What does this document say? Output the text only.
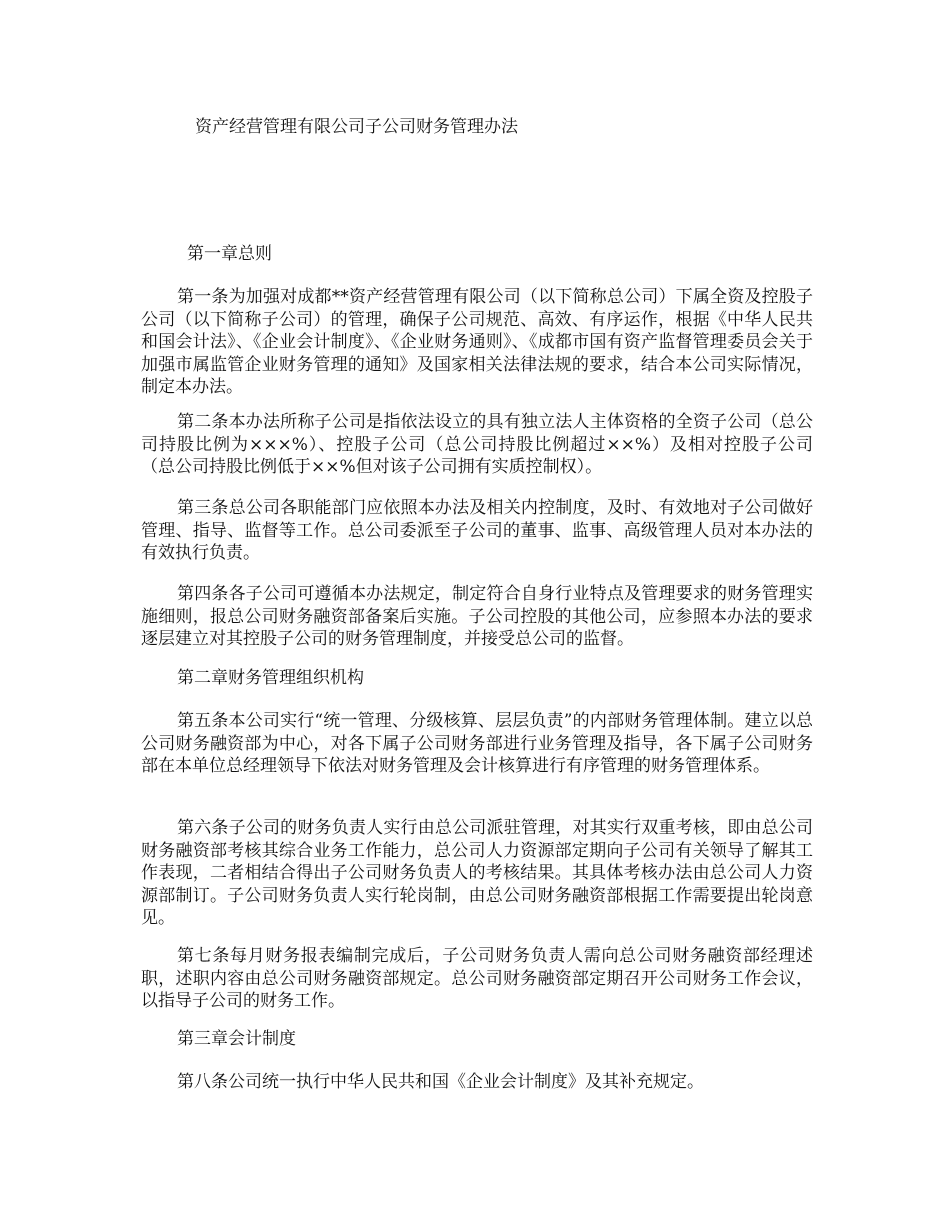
资产经营管理有限公司子公司财务管理办法
第一章总则
第一条为加强对成都**资产经营管理有限公司（以下简称总公司）下属全资及控股子公司（以下简称子公司）的管理，确保子公司规范、高效、有序运作，根据《中华人民共和国会计法》、《企业会计制度》、《企业财务通则》、《成都市国有资产监督管理委员会关于加强市属监管企业财务管理的通知》及国家相关法律法规的要求，结合本公司实际情况，制定本办法。
第二条本办法所称子公司是指依法设立的具有独立法人主体资格的全资子公司（总公司持股比例为×××%）、控股子公司（总公司持股比例超过××%）及相对控股子公司（总公司持股比例低于××%但对该子公司拥有实质控制权）。
第三条总公司各职能部门应依照本办法及相关内控制度，及时、有效地对子公司做好管理、指导、监督等工作。总公司委派至子公司的董事、监事、高级管理人员对本办法的有效执行负责。
第四条各子公司可遵循本办法规定，制定符合自身行业特点及管理要求的财务管理实施细则，报总公司财务融资部备案后实施。子公司控股的其他公司，应参照本办法的要求逐层建立对其控股子公司的财务管理制度，并接受总公司的监督。
第二章财务管理组织机构
第五条本公司实行“统一管理、分级核算、层层负责”的内部财务管理体制。建立以总公司财务融资部为中心，对各下属子公司财务部进行业务管理及指导，各下属子公司财务部在本单位总经理领导下依法对财务管理及会计核算进行有序管理的财务管理体系。
第六条子公司的财务负责人实行由总公司派驻管理，对其实行双重考核，即由总公司财务融资部考核其综合业务工作能力，总公司人力资源部定期向子公司有关领导了解其工作表现，二者相结合得出子公司财务负责人的考核结果。其具体考核办法由总公司人力资源部制订。子公司财务负责人实行轮岗制，由总公司财务融资部根据工作需要提出轮岗意见。
第七条每月财务报表编制完成后，子公司财务负责人需向总公司财务融资部经理述职，述职内容由总公司财务融资部规定。总公司财务融资部定期召开公司财务工作会议，以指导子公司的财务工作。
第三章会计制度
第八条公司统一执行中华人民共和国《企业会计制度》及其补充规定。
